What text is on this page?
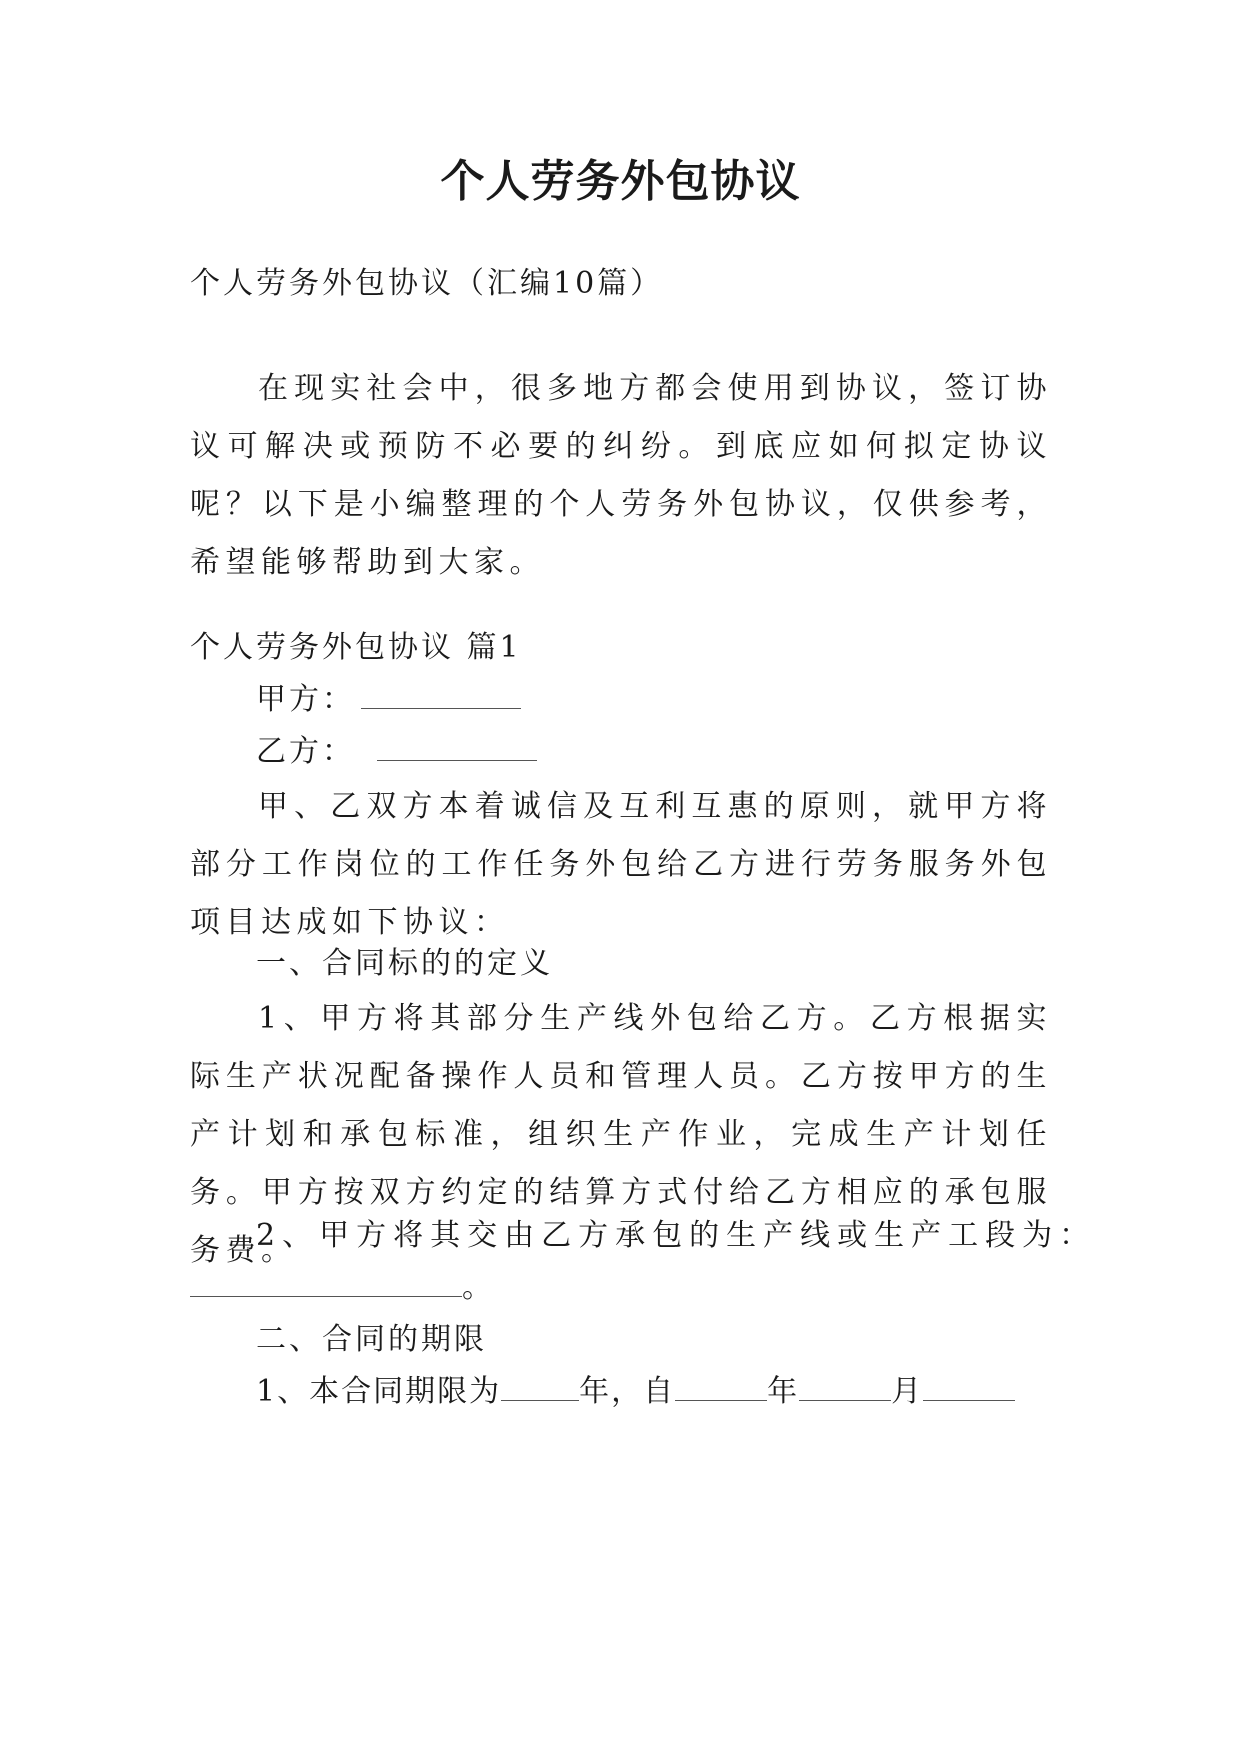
个人劳务外包协议
个人劳务外包协议（汇编10篇）
在现实社会中，很多地方都会使用到协议，签订协议可解决或预防不必要的纠纷。到底应如何拟定协议呢？以下是小编整理的个人劳务外包协议，仅供参考，希望能够帮助到大家。
个人劳务外包协议 篇1
甲方：
乙方：
甲、乙双方本着诚信及互利互惠的原则，就甲方将部分工作岗位的工作任务外包给乙方进行劳务服务外包项目达成如下协议：
一、合同标的的定义
1、甲方将其部分生产线外包给乙方。乙方根据实际生产状况配备操作人员和管理人员。乙方按甲方的生产计划和承包标准，组织生产作业，完成生产计划任务。甲方按双方约定的结算方式付给乙方相应的承包服务费。
2、甲方将其交由乙方承包的生产线或生产工段为：
。
二、合同的期限
1、本合同期限为	年，自	年	月
